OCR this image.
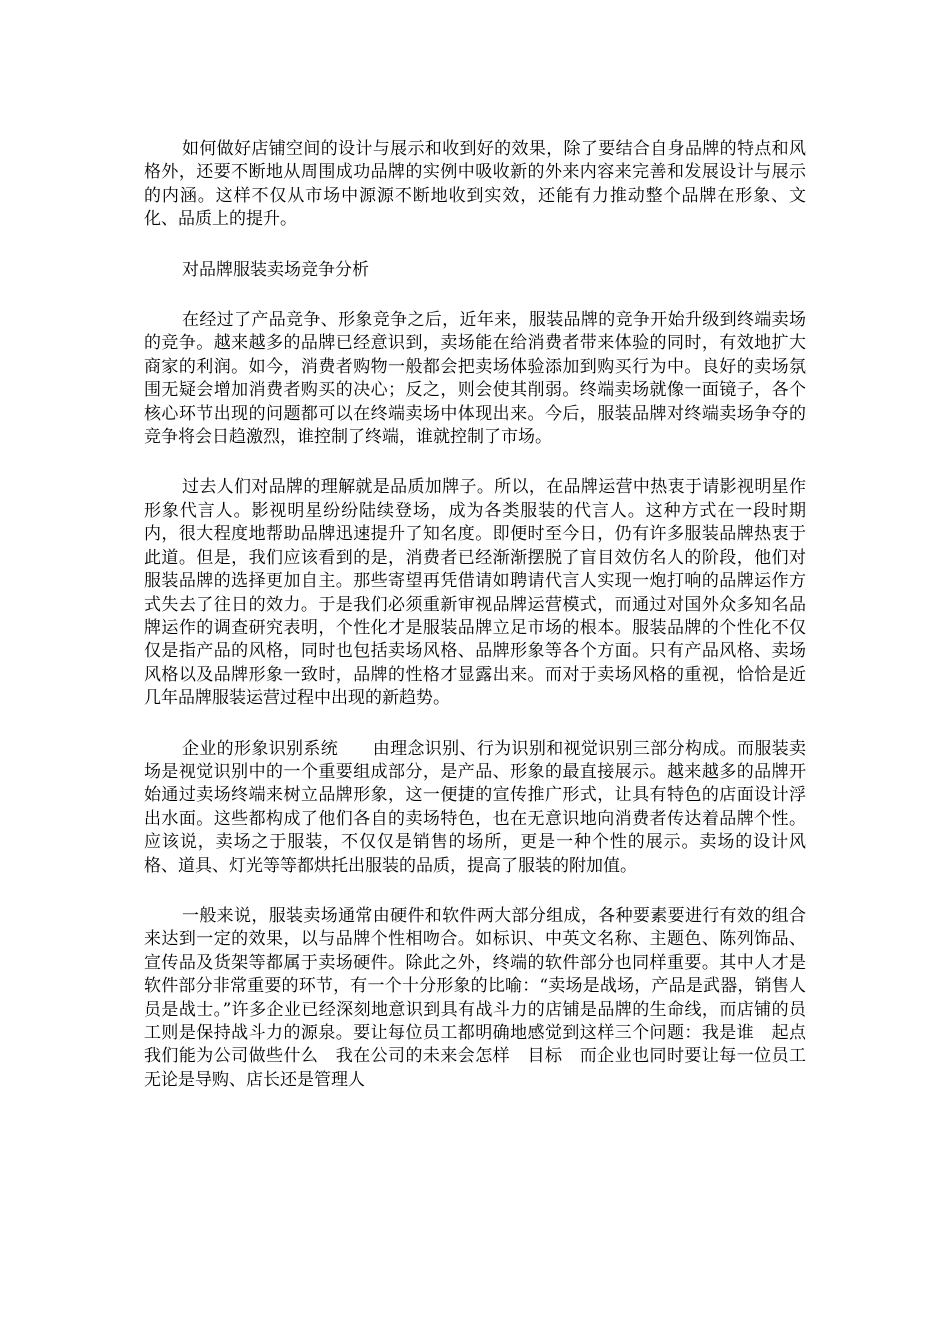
如何做好店铺空间的设计与展示和收到好的效果，除了要结合自身品牌的特点和风格外，还要不断地从周围成功品牌的实例中吸收新的外来内容来完善和发展设计与展示的内涵。这样不仅从市场中源源不断地收到实效，还能有力推动整个品牌在形象、文化、品质上的提升。

对品牌服装卖场竞争分析

在经过了产品竞争、形象竞争之后，近年来，服装品牌的竞争开始升级到终端卖场的竞争。越来越多的品牌已经意识到，卖场能在给消费者带来体验的同时，有效地扩大商家的利润。如今，消费者购物一般都会把卖场体验添加到购买行为中。良好的卖场氛围无疑会增加消费者购买的决心；反之，则会使其削弱。终端卖场就像一面镜子，各个核心环节出现的问题都可以在终端卖场中体现出来。今后，服装品牌对终端卖场争夺的竞争将会日趋激烈，谁控制了终端，谁就控制了市场。

过去人们对品牌的理解就是品质加牌子。所以，在品牌运营中热衷于请影视明星作形象代言人。影视明星纷纷陆续登场，成为各类服装的代言人。这种方式在一段时期内，很大程度地帮助品牌迅速提升了知名度。即便时至今日，仍有许多服装品牌热衷于此道。但是，我们应该看到的是，消费者已经渐渐摆脱了盲目效仿名人的阶段，他们对服装品牌的选择更加自主。那些寄望再凭借请如聘请代言人实现一炮打响的品牌运作方式失去了往日的效力。于是我们必须重新审视品牌运营模式，而通过对国外众多知名品牌运作的调查研究表明，个性化才是服装品牌立足市场的根本。服装品牌的个性化不仅仅是指产品的风格，同时也包括卖场风格、品牌形象等各个方面。只有产品风格、卖场风格以及品牌形象一致时，品牌的性格才显露出来。而对于卖场风格的重视，恰恰是近几年品牌服装运营过程中出现的新趋势。

企业的形象识别系统　　由理念识别、行为识别和视觉识别三部分构成。而服装卖场是视觉识别中的一个重要组成部分，是产品、形象的最直接展示。越来越多的品牌开始通过卖场终端来树立品牌形象，这一便捷的宣传推广形式，让具有特色的店面设计浮出水面。这些都构成了他们各自的卖场特色，也在无意识地向消费者传达着品牌个性。应该说，卖场之于服装，不仅仅是销售的场所，更是一种个性的展示。卖场的设计风格、道具、灯光等等都烘托出服装的品质，提高了服装的附加值。

一般来说，服装卖场通常由硬件和软件两大部分组成，各种要素要进行有效的组合来达到一定的效果，以与品牌个性相吻合。如标识、中英文名称、主题色、陈列饰品、宣传品及货架等都属于卖场硬件。除此之外，终端的软件部分也同样重要。其中人才是软件部分非常重要的环节，有一个十分形象的比喻：“卖场是战场，产品是武器，销售人员是战士。”许多企业已经深刻地意识到具有战斗力的店铺是品牌的生命线，而店铺的员工则是保持战斗力的源泉。要让每位员工都明确地感觉到这样三个问题：我是谁　起点　我们能为公司做些什么　我在公司的未来会怎样　目标　而企业也同时要让每一位员工无论是导购、店长还是管理人
